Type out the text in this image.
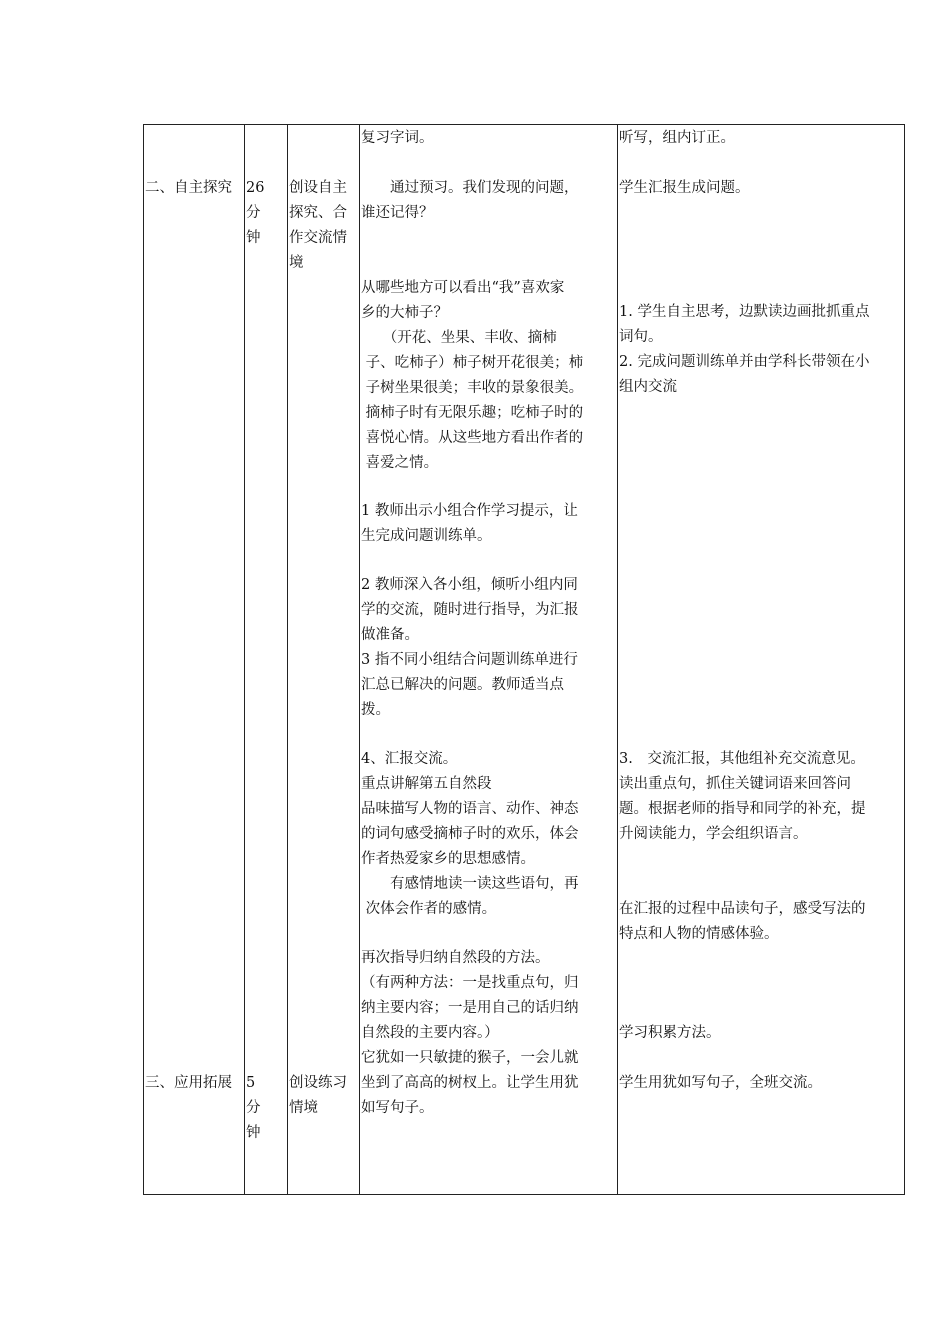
复习字词。	听写，组内订正。
二、自主探究 26　分
钟
创设自主
探究、合
作交流情
境
　　通过预习。我们发现的问题，
谁还记得？
从哪些地方可以看出“我”喜欢家
乡的大柿子？
　　（开花、坐果、丰收、摘柿
子、吃柿子）柿子树开花很美；柿
子树坐果很美；丰收的景象很美。
摘柿子时有无限乐趣；吃柿子时的
喜悦心情。从这些地方看出作者的
喜爱之情。
1 教师出示小组合作学习提示，让
生完成问题训练单。
2 教师深入各小组，倾听小组内同
学的交流，随时进行指导，为汇报
做准备。
3 指不同小组结合问题训练单进行
汇总已解决的问题。教师适当点
拨。
4、汇报交流。
重点讲解第五自然段
品味描写人物的语言、动作、神态
的词句感受摘柿子时的欢乐，体会
作者热爱家乡的思想感情。
　　有感情地读一读这些语句，再
次体会作者的感情。
再次指导归纳自然段的方法。
（有两种方法：一是找重点句，归
纳主要内容；一是用自己的话归纳
自然段的主要内容。）
学生汇报生成问题。
1. 学生自主思考，边默读边画批抓重点
词句。
2. 完成问题训练单并由学科长带领在小
组内交流
3.　交流汇报，其他组补充交流意见。
读出重点句，抓住关键词语来回答问
题。根据老师的指导和同学的补充，提
升阅读能力，学会组织语言。
在汇报的过程中品读句子，感受写法的
特点和人物的情感体验。
学习积累方法。
三、应用拓展 5　　分
钟
创设练习
情境
它犹如一只敏捷的猴子，一会儿就
坐到了高高的树杈上。让学生用犹
如写句子。
学生用犹如写句子，全班交流。
